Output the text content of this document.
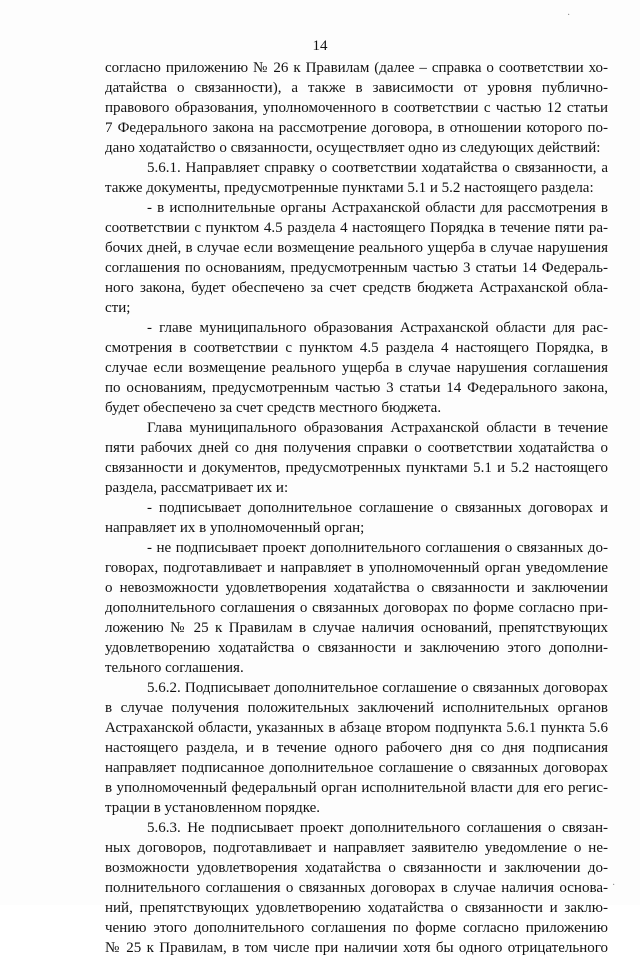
14
согласно приложению № 26 к Правилам (далее – справка о соответствии хо-
датайства о связанности), а также в зависимости от уровня публично-
правового образования, уполномоченного в соответствии с частью 12 статьи
7 Федерального закона на рассмотрение договора, в отношении которого по-
дано ходатайство о связанности, осуществляет одно из следующих действий:
5.6.1. Направляет справку о соответствии ходатайства о связанности, а
также документы, предусмотренные пунктами 5.1 и 5.2 настоящего раздела:
- в исполнительные органы Астраханской области для рассмотрения в
соответствии с пунктом 4.5 раздела 4 настоящего Порядка в течение пяти ра-
бочих дней, в случае если возмещение реального ущерба в случае нарушения
соглашения по основаниям, предусмотренным частью 3 статьи 14 Федераль-
ного закона, будет обеспечено за счет средств бюджета Астраханской обла-
сти;
- главе муниципального образования Астраханской области для рас-
смотрения в соответствии с пунктом 4.5 раздела 4 настоящего Порядка, в
случае если возмещение реального ущерба в случае нарушения соглашения
по основаниям, предусмотренным частью 3 статьи 14 Федерального закона,
будет обеспечено за счет средств местного бюджета.
Глава муниципального образования Астраханской области в течение
пяти рабочих дней со дня получения справки о соответствии ходатайства о
связанности и документов, предусмотренных пунктами 5.1 и 5.2 настоящего
раздела, рассматривает их и:
- подписывает дополнительное соглашение о связанных договорах и
направляет их в уполномоченный орган;
- не подписывает проект дополнительного соглашения о связанных до-
говорах, подготавливает и направляет в уполномоченный орган уведомление
о невозможности удовлетворения ходатайства о связанности и заключении
дополнительного соглашения о связанных договорах по форме согласно при-
ложению № 25 к Правилам в случае наличия оснований, препятствующих
удовлетворению ходатайства о связанности и заключению этого дополни-
тельного соглашения.
5.6.2. Подписывает дополнительное соглашение о связанных договорах
в случае получения положительных заключений исполнительных органов
Астраханской области, указанных в абзаце втором подпункта 5.6.1 пункта 5.6
настоящего раздела, и в течение одного рабочего дня со дня подписания
направляет подписанное дополнительное соглашение о связанных договорах
в уполномоченный федеральный орган исполнительной власти для его регис-
трации в установленном порядке.
5.6.3. Не подписывает проект дополнительного соглашения о связан-
ных договоров, подготавливает и направляет заявителю уведомление о не-
возможности удовлетворения ходатайства о связанности и заключении до-
полнительного соглашения о связанных договорах в случае наличия основа-
ний, препятствующих удовлетворению ходатайства о связанности и заклю-
чению этого дополнительного соглашения по форме согласно приложению
№ 25 к Правилам, в том числе при наличии хотя бы одного отрицательного
·
·
